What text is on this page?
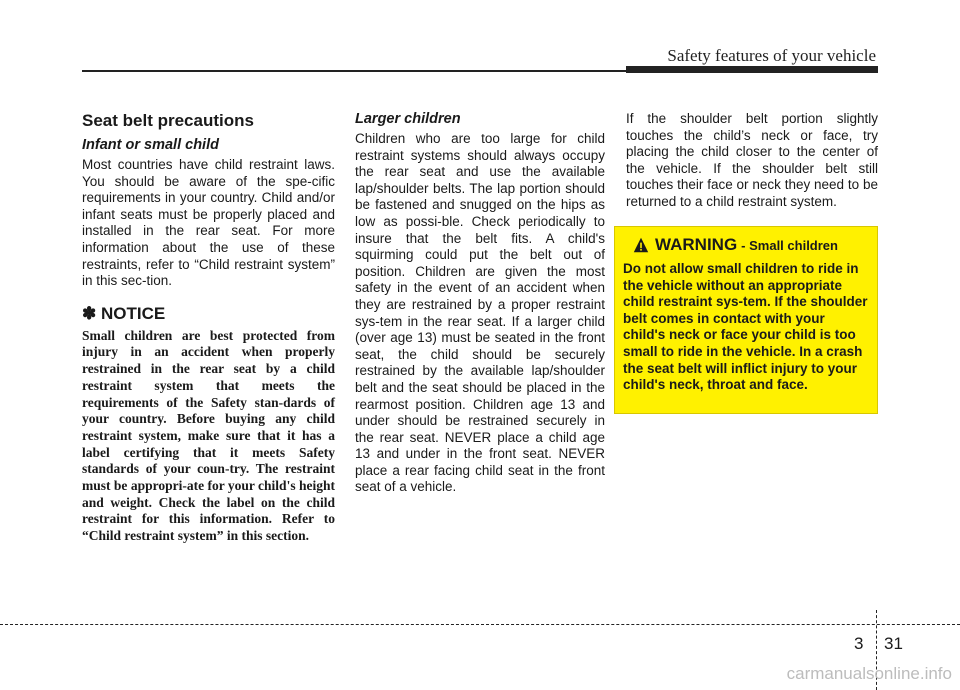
Safety features of your vehicle
Seat belt precautions
Infant or small child

Most countries have child restraint laws. You should be aware of the spe-cific requirements in your country. Child and/or infant seats must be properly placed and installed in the rear seat. For more information about the use of these restraints, refer to “Child restraint system” in this sec-tion.

✽ NOTICE

Small children are best protected from injury in an accident when properly restrained in the rear seat by a child restraint system that meets the requirements of the Safety stan-dards of your country. Before buying any child restraint system, make sure that it has a label certifying that it meets Safety standards of your coun-try. The restraint must be appropri-ate for your child's height and weight. Check the label on the child restraint for this information. Refer to “Child restraint system” in this section.

Larger children

Children who are too large for child restraint systems should always occupy the rear seat and use the available lap/shoulder belts. The lap portion should be fastened and snugged on the hips as low as possi-ble. Check periodically to insure that the belt fits. A child's squirming could put the belt out of position. Children are given the most safety in the event of an accident when they are restrained by a proper restraint sys-tem in the rear seat. If a larger child (over age 13) must be seated in the front seat, the child should be securely restrained by the available lap/shoulder belt and the seat should be placed in the rearmost position. Children age 13 and under should be restrained securely in the rear seat. NEVER place a child age 13 and under in the front seat. NEVER place a rear facing child seat in the front seat of a vehicle.

If the shoulder belt portion slightly touches the child’s neck or face, try placing the child closer to the center of the vehicle. If the shoulder belt still touches their face or neck they need to be returned to a child restraint system.

WARNING - Small children

Do not allow small children to ride in the vehicle without an appropriate child restraint sys-tem. If the shoulder belt comes in contact with your child's neck or face your child is too small to ride in the vehicle. In a crash the seat belt will inflict injury to your child's neck, throat and face.

3 31
carmanualsonline.info
